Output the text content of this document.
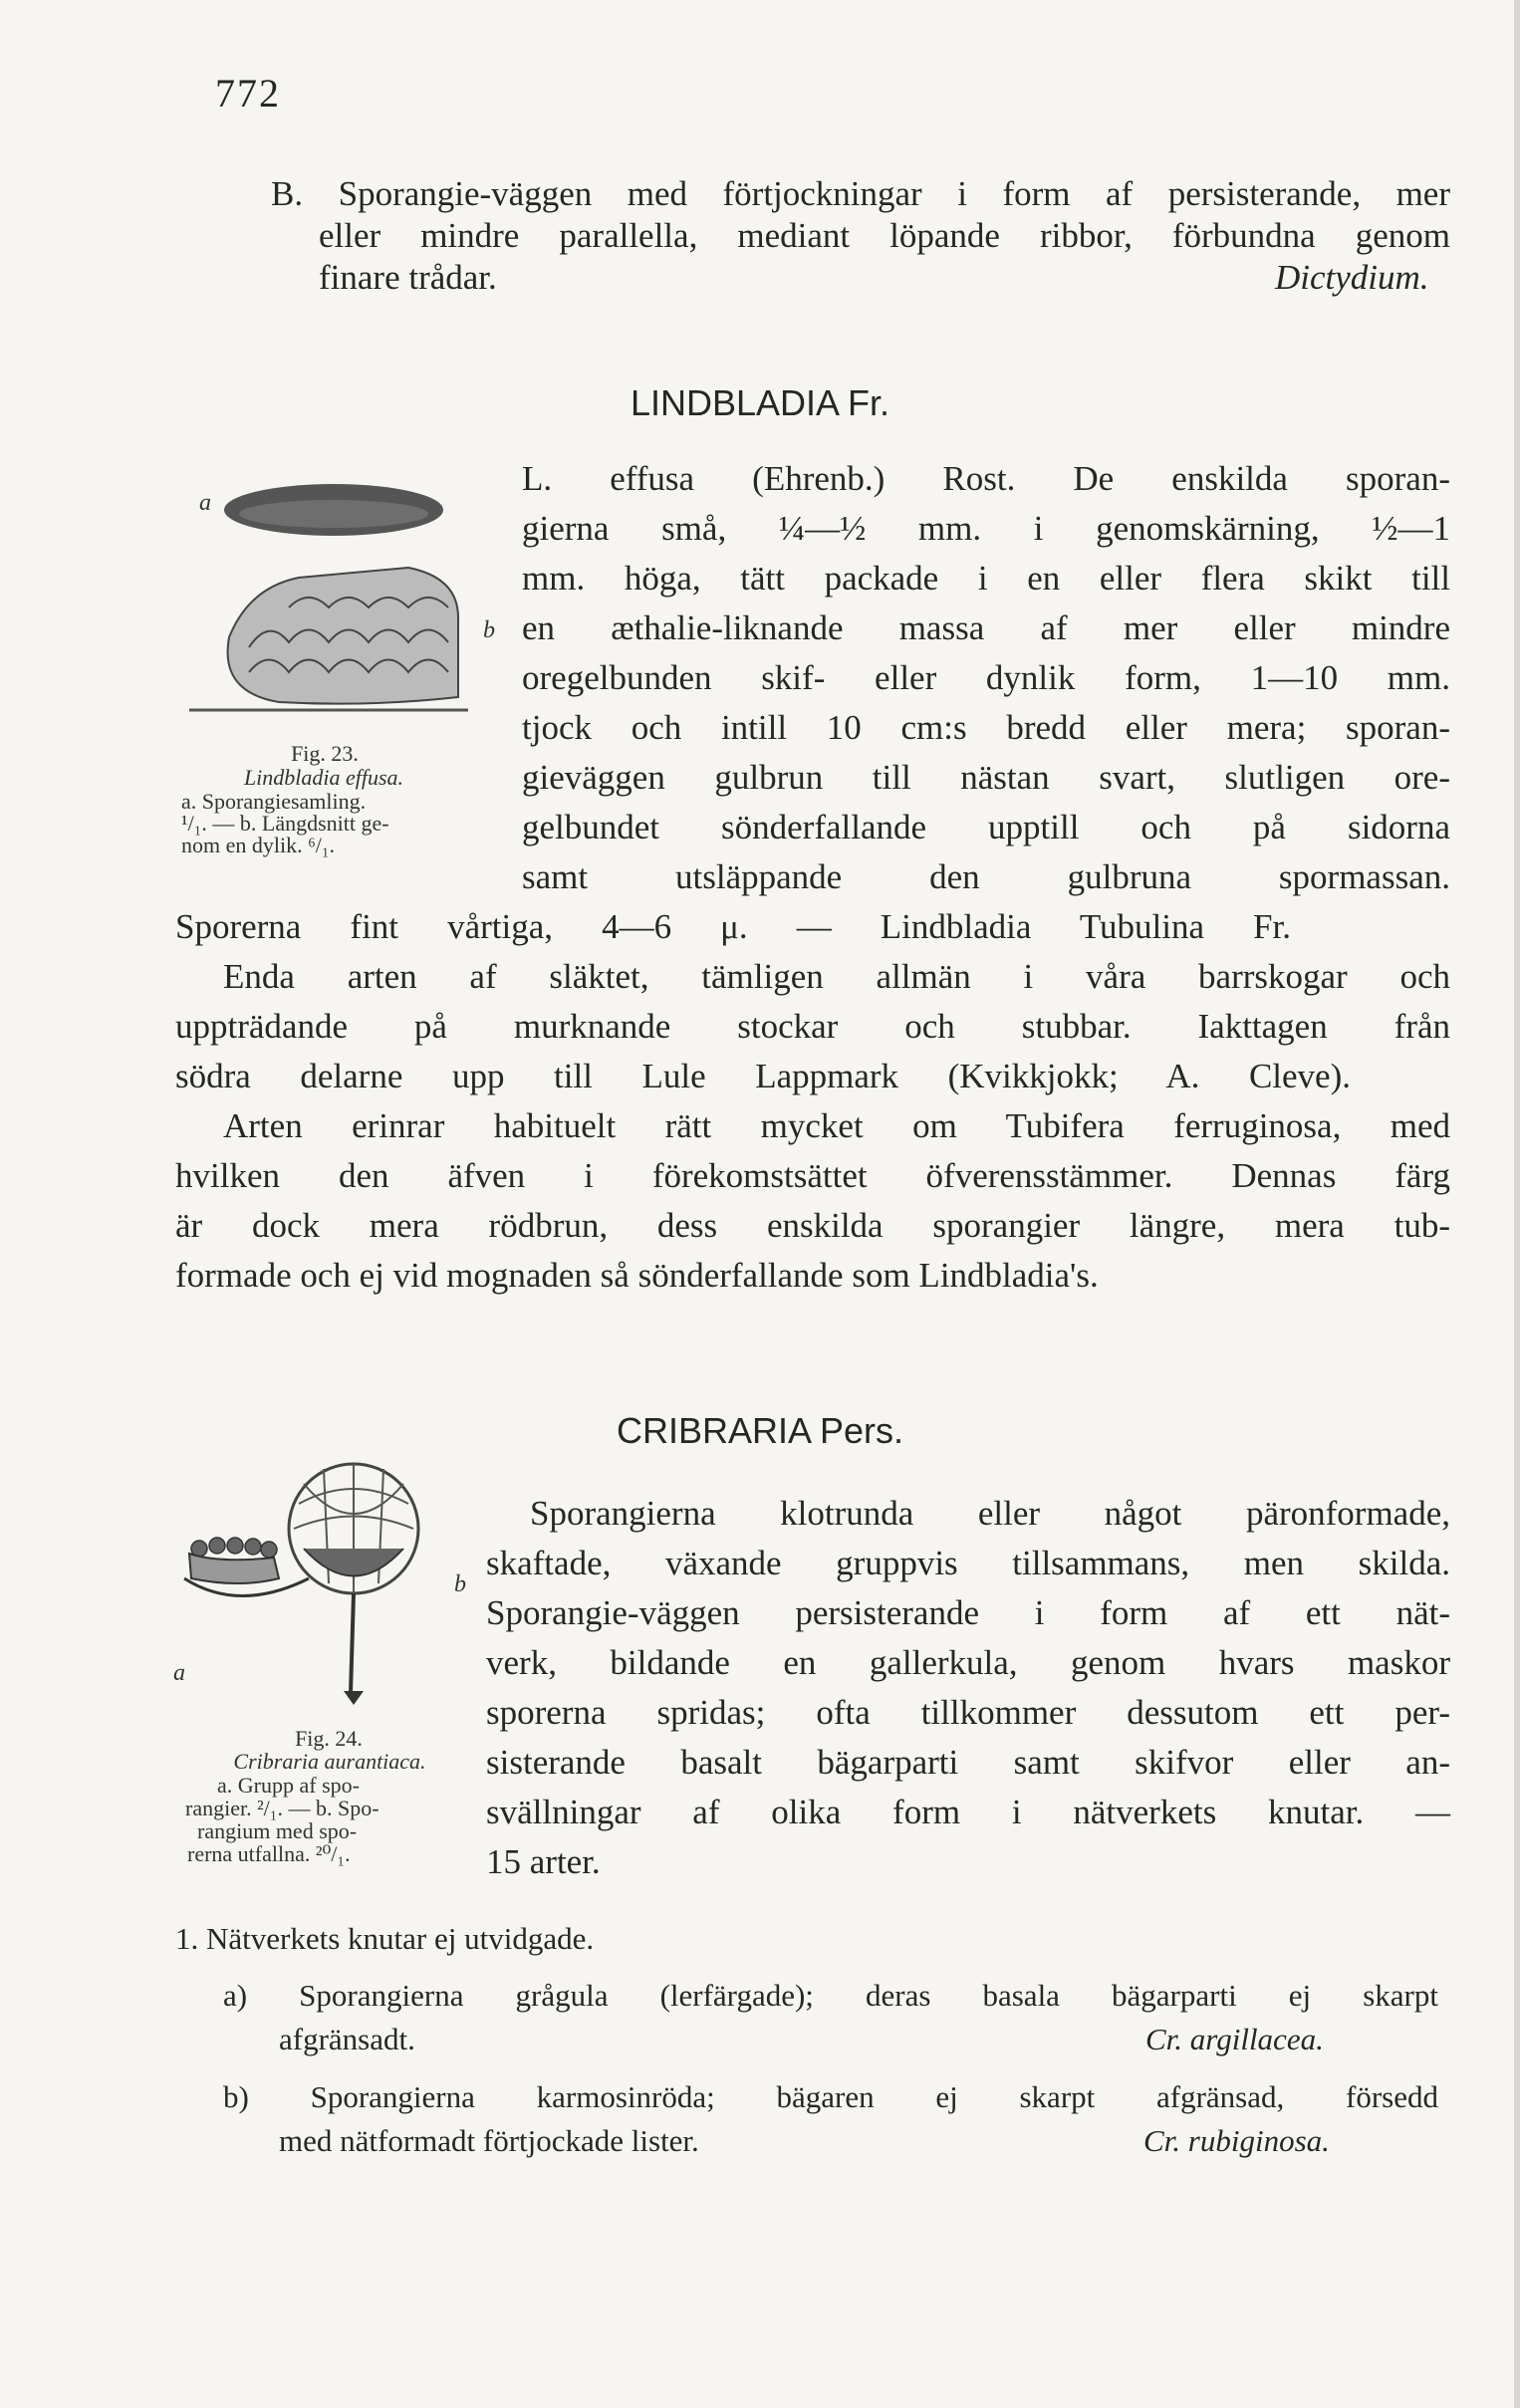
772
B. Sporangie-väggen med förtjockningar i form af persisterande, mer
eller mindre parallella, mediant löpande ribbor, förbundna genom
finare trådar.	Dictydium.
LINDBLADIA Fr.
a
b
Fig. 23.
Lindbladia effusa.
a. Sporangiesamling.
¹/₁. — b. Längdsnitt ge-
nom en dylik. ⁶/₁.
L. effusa (Ehrenb.) Rost. De enskilda sporan-
gierna små, ¼—½ mm. i genomskärning, ½—1
mm. höga, tätt packade i en eller flera skikt till
en æthalie-liknande massa af mer eller mindre
oregelbunden skif- eller dynlik form, 1—10 mm.
tjock och intill 10 cm:s bredd eller mera; sporan-
gieväggen gulbrun till nästan svart, slutligen ore-
gelbundet sönderfallande upptill och på sidorna
samt utsläppande den gulbruna spormassan.
Sporerna fint vårtiga, 4—6 μ. — Lindbladia Tubulina Fr.
Enda arten af släktet, tämligen allmän i våra barrskogar och
uppträdande på murknande stockar och stubbar. Iakttagen från
södra delarne upp till Lule Lappmark (Kvikkjokk; A. Cleve).
Arten erinrar habituelt rätt mycket om Tubifera ferruginosa, med
hvilken den äfven i förekomstsättet öfverensstämmer. Dennas färg
är dock mera rödbrun, dess enskilda sporangier längre, mera tub-
formade och ej vid mognaden så sönderfallande som Lindbladia's.
CRIBRARIA Pers.
a
b
Fig. 24.
Cribraria aurantiaca.
a. Grupp af spo-
rangier. ²/₁. — b. Spo-
rangium med spo-
rerna utfallna. ²⁰/₁.
Sporangierna klotrunda eller något päronformade,
skaftade, växande gruppvis tillsammans, men skilda.
Sporangie-väggen persisterande i form af ett nät-
verk, bildande en gallerkula, genom hvars maskor
sporerna spridas; ofta tillkommer dessutom ett per-
sisterande basalt bägarparti samt skifvor eller an-
svällningar af olika form i nätverkets knutar. —
15 arter.
1. Nätverkets knutar ej utvidgade.
a) Sporangierna grågula (lerfärgade); deras basala bägarparti ej skarpt
afgränsadt.	Cr. argillacea.
b) Sporangierna karmosinröda; bägaren ej skarpt afgränsad, försedd
med nätformadt förtjockade lister.	Cr. rubiginosa.
